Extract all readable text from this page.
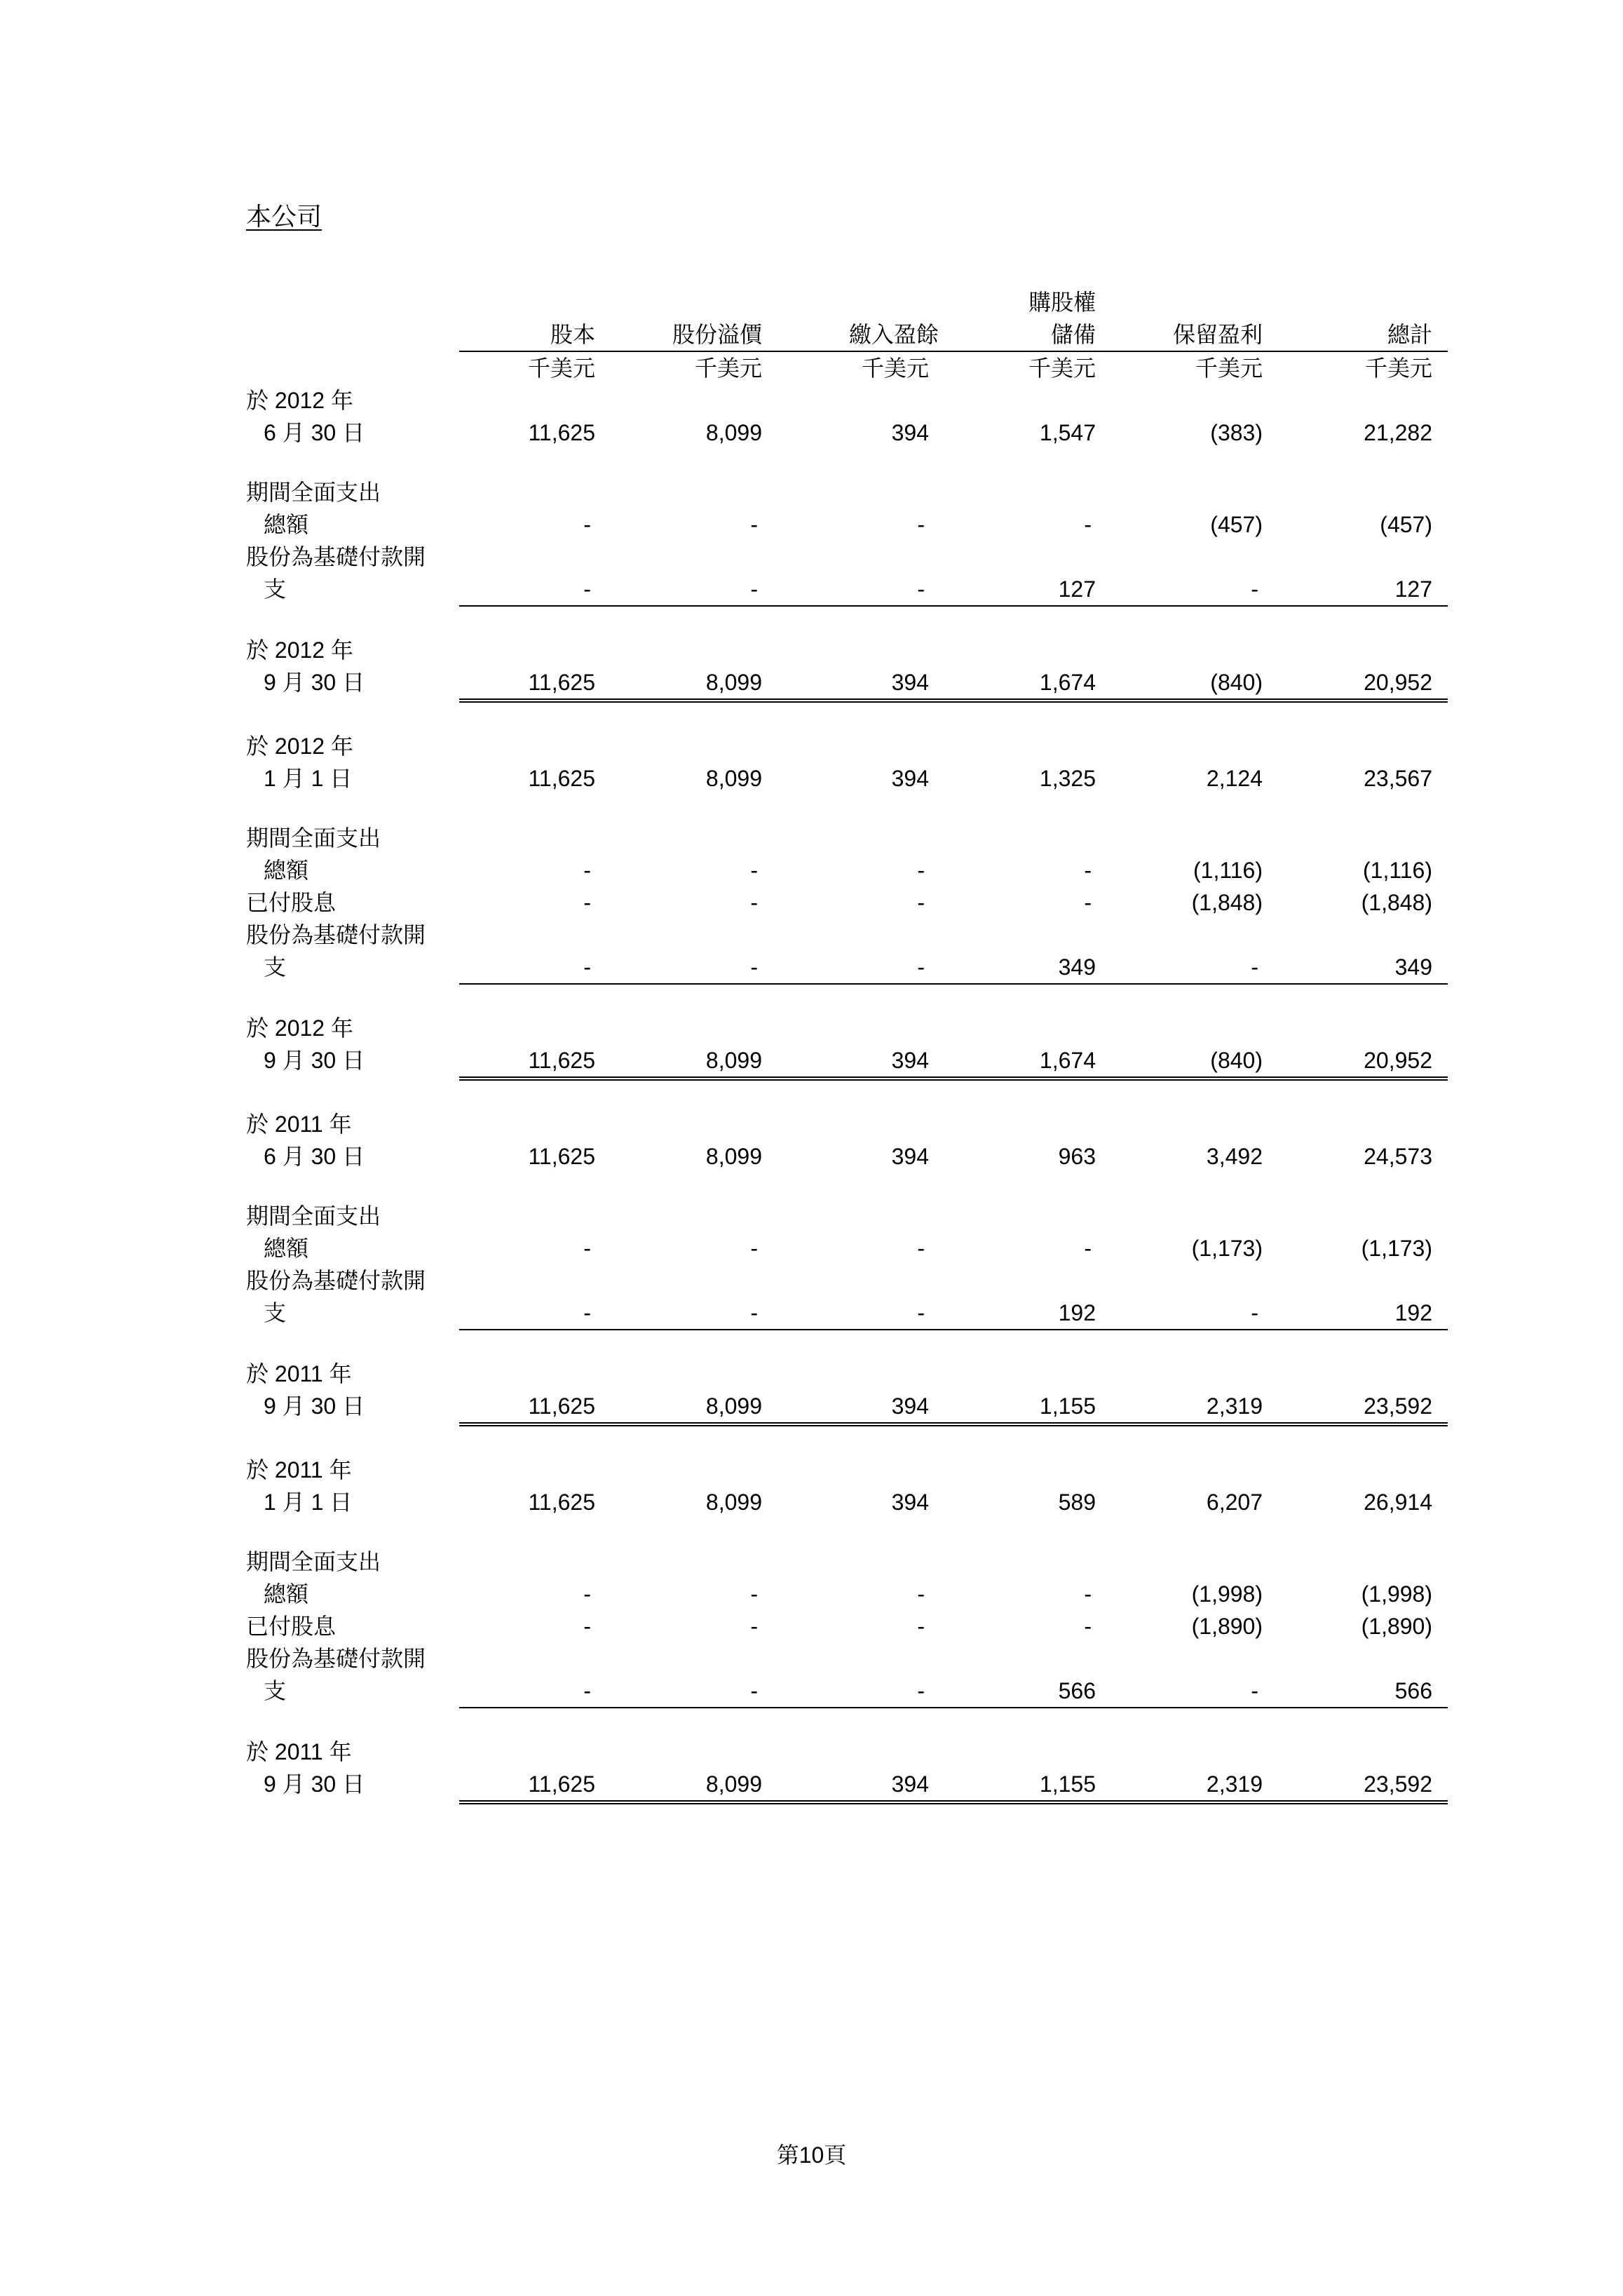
本公司
購股權
股本	股份溢價	繳入盈餘	儲備	保留盈利	總計
千美元	千美元	千美元	千美元	千美元	千美元
於 2012 年
6 月 30 日	11,625	8,099	394	1,547	(383)	21,282
期間全面支出
總額	-	-	-	-	(457)	(457)
股份為基礎付款開
支	-	-	-	127	-	127
於 2012 年
9 月 30 日	11,625	8,099	394	1,674	(840)	20,952
於 2012 年
1 月 1 日	11,625	8,099	394	1,325	2,124	23,567
期間全面支出
總額	-	-	-	-	(1,116)	(1,116)
已付股息	-	-	-	-	(1,848)	(1,848)
股份為基礎付款開
支	-	-	-	349	-	349
於 2012 年
9 月 30 日	11,625	8,099	394	1,674	(840)	20,952
於 2011 年
6 月 30 日	11,625	8,099	394	963	3,492	24,573
期間全面支出
總額	-	-	-	-	(1,173)	(1,173)
股份為基礎付款開
支	-	-	-	192	-	192
於 2011 年
9 月 30 日	11,625	8,099	394	1,155	2,319	23,592
於 2011 年
1 月 1 日	11,625	8,099	394	589	6,207	26,914
期間全面支出
總額	-	-	-	-	(1,998)	(1,998)
已付股息	-	-	-	-	(1,890)	(1,890)
股份為基礎付款開
支	-	-	-	566	-	566
於 2011 年
9 月 30 日	11,625	8,099	394	1,155	2,319	23,592
第10頁
